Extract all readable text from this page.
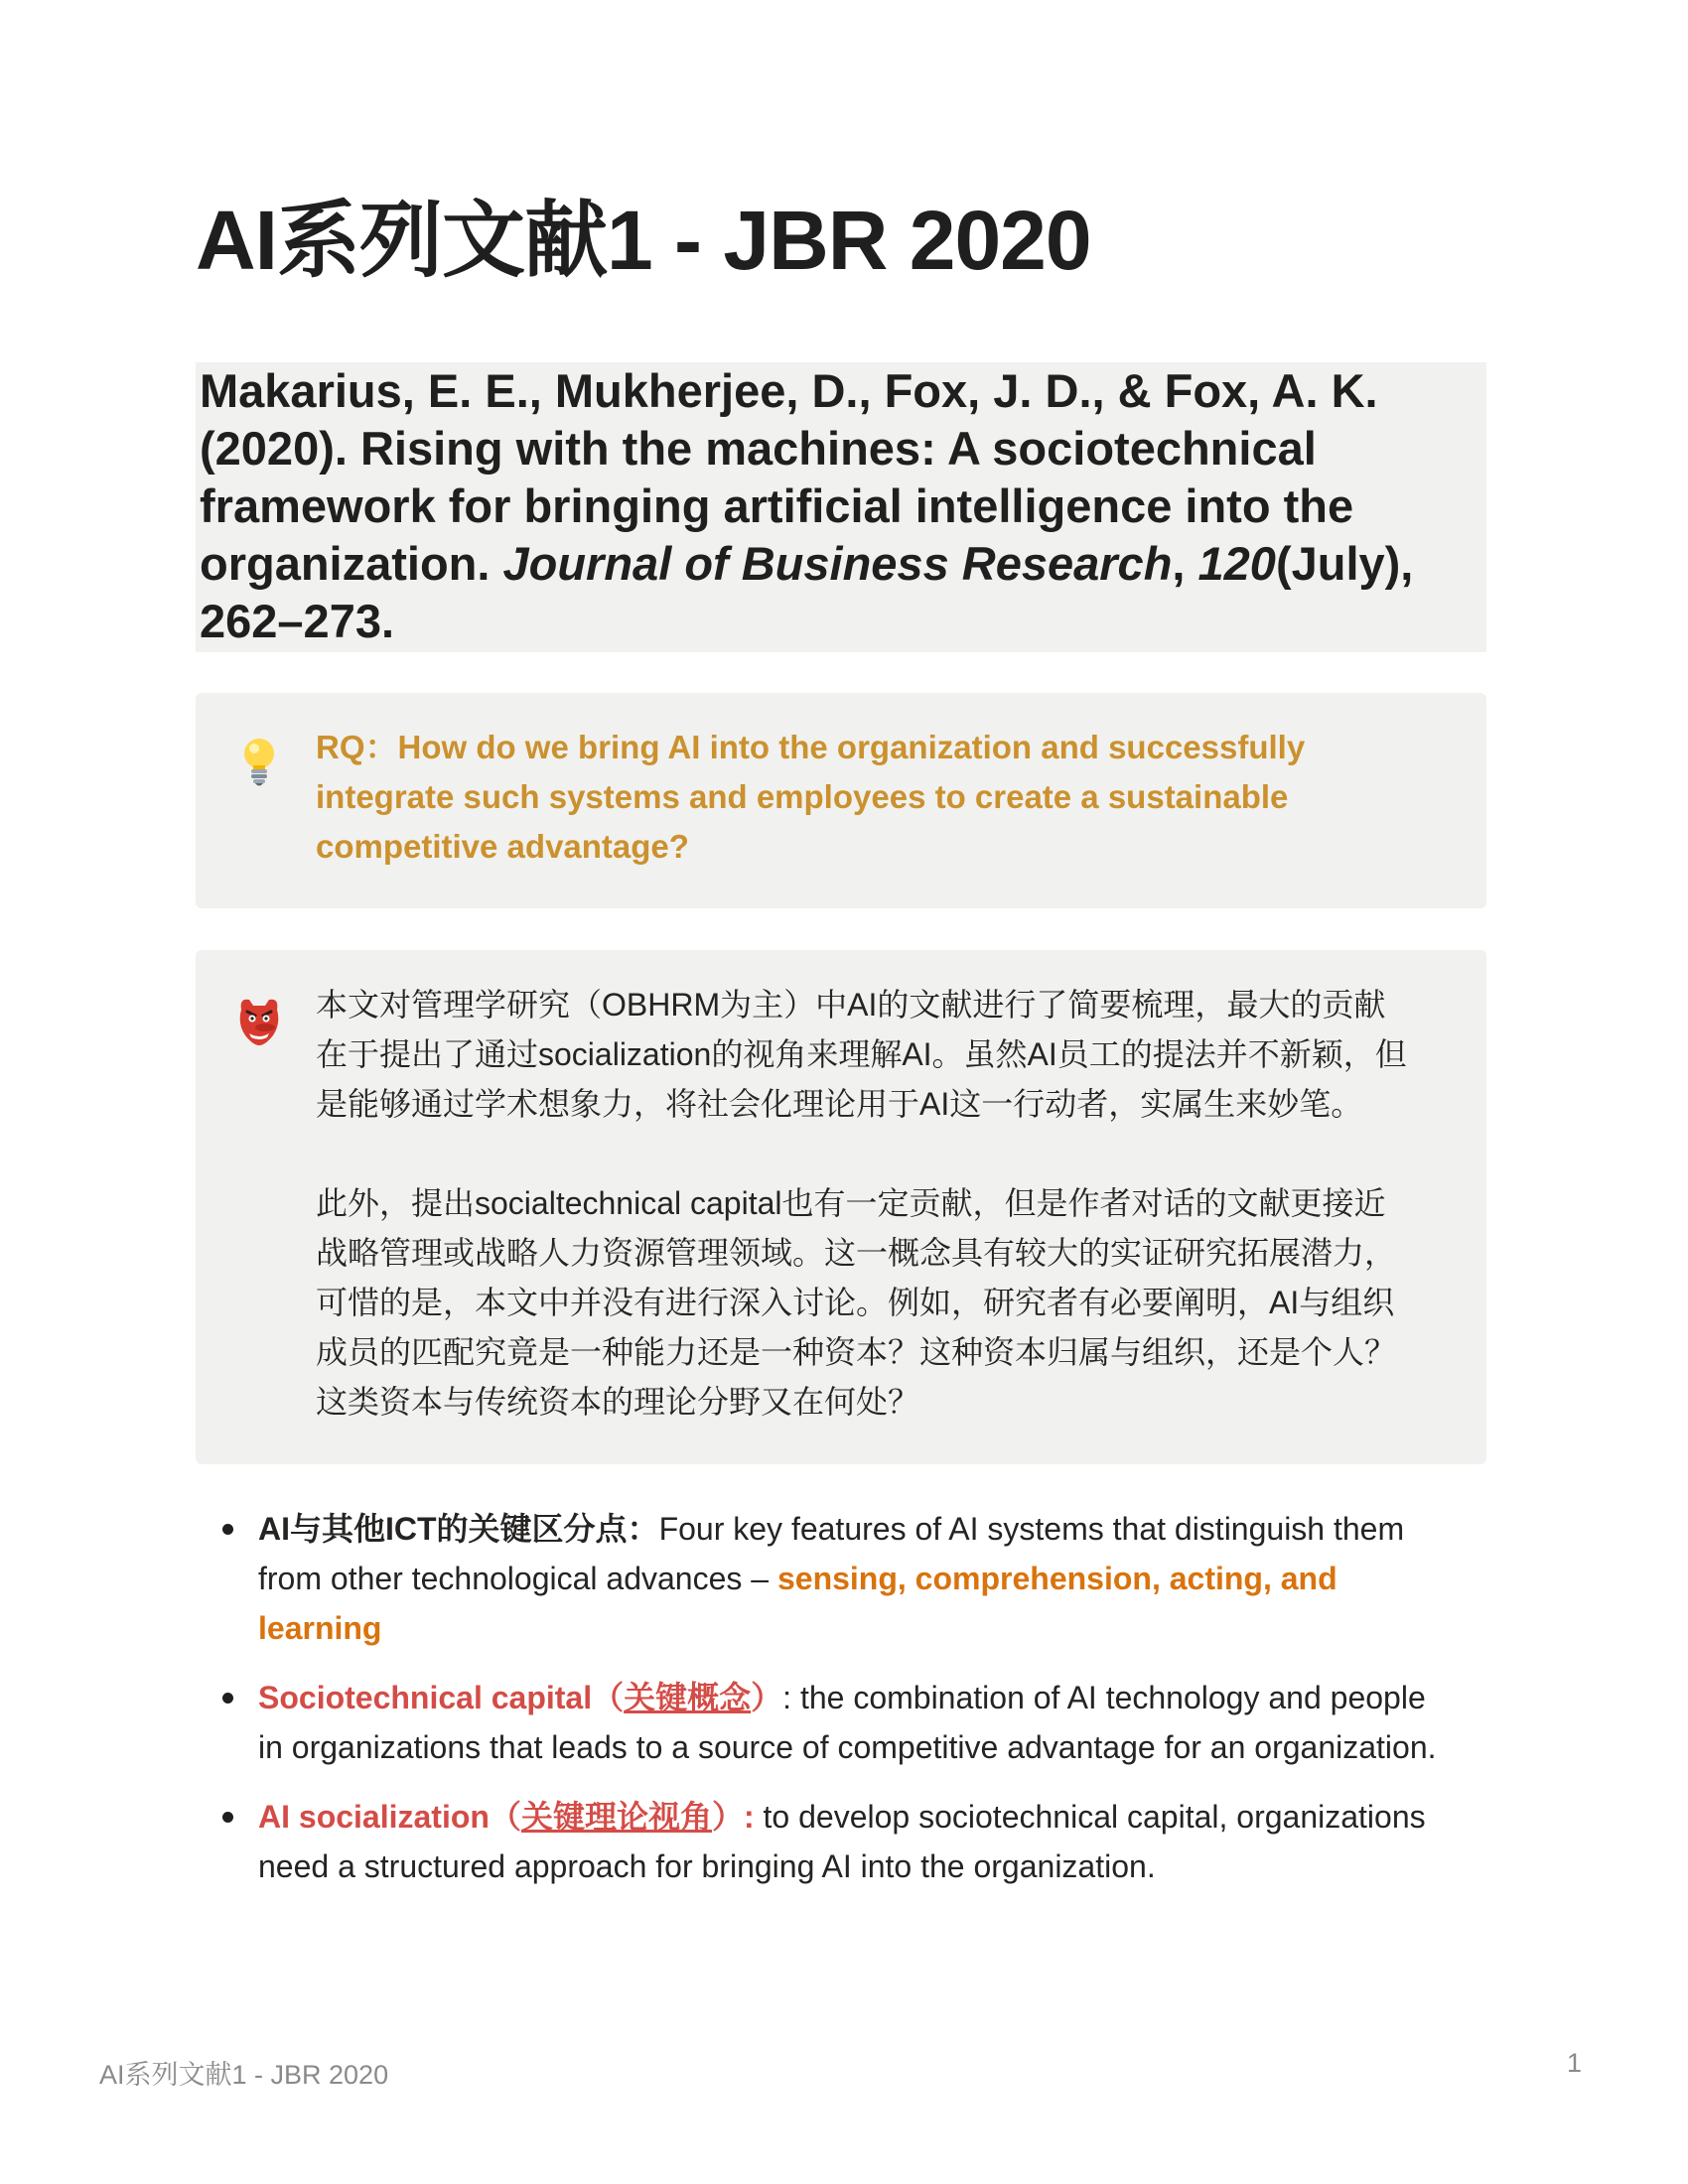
AI系列文献1 - JBR 2020
Makarius, E. E., Mukherjee, D., Fox, J. D., & Fox, A. K.
(2020). Rising with the machines: A sociotechnical
framework for bringing artificial intelligence into the
organization. Journal of Business Research, 120(July),
262–273.
RQ：How do we bring AI into the organization and successfully
integrate such systems and employees to create a sustainable
competitive advantage?
本文对管理学研究（OBHRM为主）中AI的文献进行了简要梳理，最大的贡献
在于提出了通过socialization的视角来理解AI。虽然AI员工的提法并不新颖，但
是能够通过学术想象力，将社会化理论用于AI这一行动者，实属生来妙笔。
此外，提出socialtechnical capital也有一定贡献，但是作者对话的文献更接近
战略管理或战略人力资源管理领域。这一概念具有较大的实证研究拓展潜力，
可惜的是，本文中并没有进行深入讨论。例如，研究者有必要阐明，AI与组织
成员的匹配究竟是一种能力还是一种资本？这种资本归属与组织，还是个人？
这类资本与传统资本的理论分野又在何处？
AI与其他ICT的关键区分点：Four key features of AI systems that distinguish them
from other technological advances – sensing, comprehension, acting, and
learning
Sociotechnical capital（关键概念）: the combination of AI technology and people
in organizations that leads to a source of competitive advantage for an organization.
AI socialization（关键理论视角）: to develop sociotechnical capital, organizations
need a structured approach for bringing AI into the organization.
AI系列文献1 - JBR 2020	1
